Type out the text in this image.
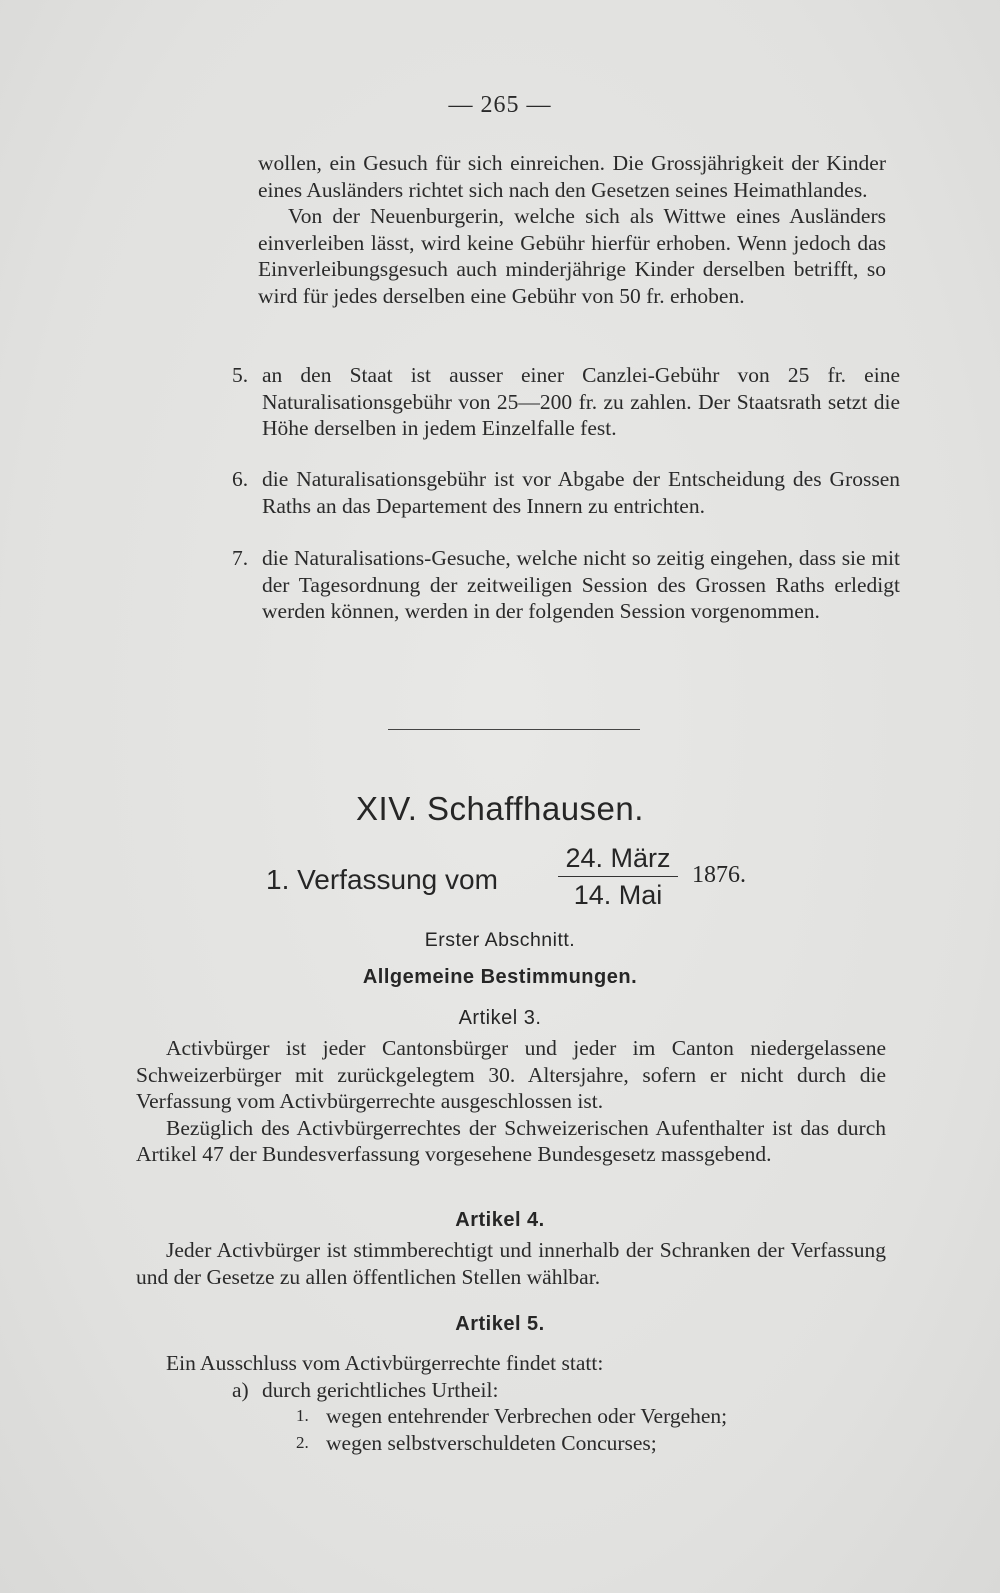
— 265 —

wollen, ein Gesuch für sich einreichen. Die Grossjährigkeit der Kinder eines Ausländers richtet sich nach den Gesetzen seines Heimathlandes.

Von der Neuenburgerin, welche sich als Wittwe eines Ausländers einverleiben lässt, wird keine Gebühr hierfür erhoben. Wenn jedoch das Einverleibungsgesuch auch minderjährige Kinder derselben betrifft, so wird für jedes derselben eine Gebühr von 50 fr. erhoben.

5. an den Staat ist ausser einer Canzlei-Gebühr von 25 fr. eine Naturalisationsgebühr von 25—200 fr. zu zahlen. Der Staatsrath setzt die Höhe derselben in jedem Einzelfalle fest.
6. die Naturalisationsgebühr ist vor Abgabe der Entscheidung des Grossen Raths an das Departement des Innern zu entrichten.
7. die Naturalisations-Gesuche, welche nicht so zeitig eingehen, dass sie mit der Tagesordnung der zeitweiligen Session des Grossen Raths erledigt werden können, werden in der folgenden Session vorgenommen.
XIV. Schaffhausen.
1. Verfassung vom
24. März
14. Mai
1876.
Erster Abschnitt.
Allgemeine Bestimmungen.
Artikel 3.

Activbürger ist jeder Cantonsbürger und jeder im Canton niedergelassene Schweizerbürger mit zurückgelegtem 30. Altersjahre, sofern er nicht durch die Verfassung vom Activbürgerrechte ausgeschlossen ist.

Bezüglich des Activbürgerrechtes der Schweizerischen Aufenthalter ist das durch Artikel 47 der Bundesverfassung vorgesehene Bundesgesetz massgebend.

Artikel 4.

Jeder Activbürger ist stimmberechtigt und innerhalb der Schranken der Verfassung und der Gesetze zu allen öffentlichen Stellen wählbar.

Artikel 5.

Ein Ausschluss vom Activbürgerrechte findet statt:

a) durch gerichtliches Urtheil:
1. wegen entehrender Verbrechen oder Vergehen;
2. wegen selbstverschuldeten Concurses;
